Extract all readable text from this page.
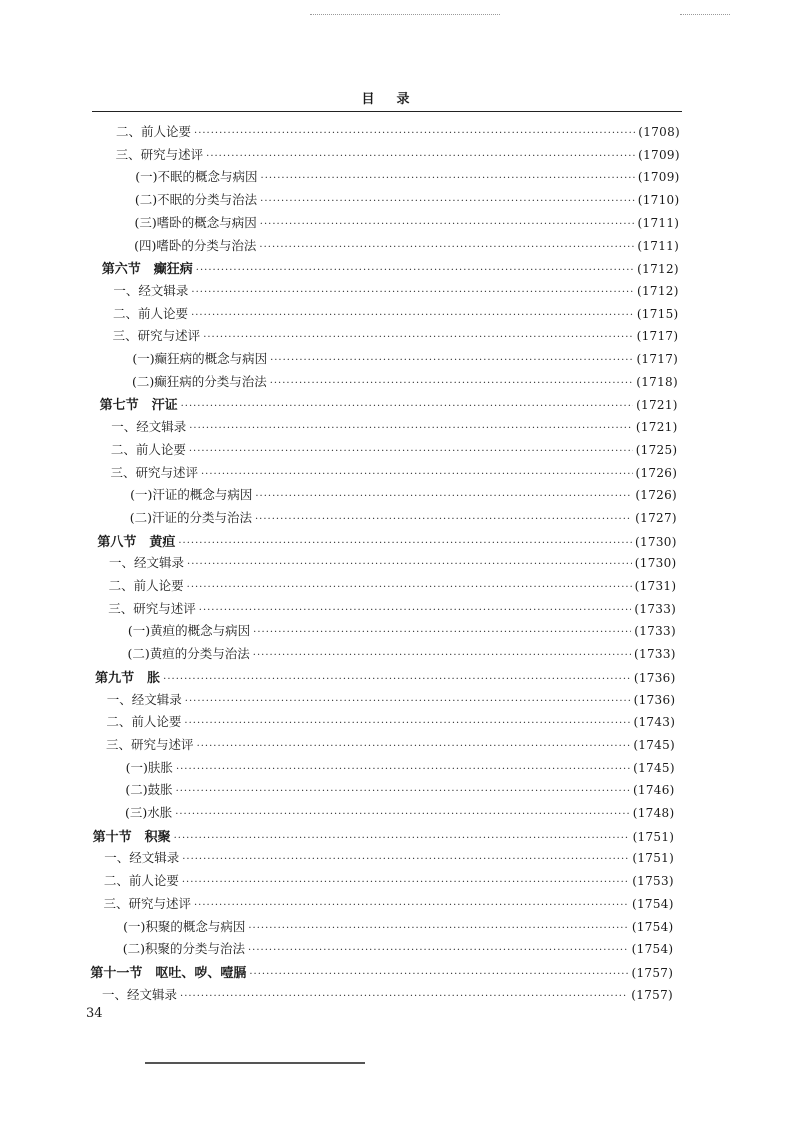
目录
二、前人论要 ·····	(1708)
三、研究与述评 ·····	(1709)
(一)不眠的概念与病因 ·····	(1709)
(二)不眠的分类与治法 ·····	(1710)
(三)嗜卧的概念与病因 ·····	(1711)
(四)嗜卧的分类与治法 ·····	(1711)
第六节　癫狂病 ·····	(1712)
一、经文辑录 ·····	(1712)
二、前人论要 ·····	(1715)
三、研究与述评 ·····	(1717)
(一)癫狂病的概念与病因 ·····	(1717)
(二)癫狂病的分类与治法 ·····	(1718)
第七节　汗证 ·····	(1721)
一、经文辑录 ·····	(1721)
二、前人论要 ·····	(1725)
三、研究与述评 ·····	(1726)
(一)汗证的概念与病因 ·····	(1726)
(二)汗证的分类与治法 ·····	(1727)
第八节　黄疸 ·····	(1730)
一、经文辑录 ·····	(1730)
二、前人论要 ·····	(1731)
三、研究与述评 ·····	(1733)
(一)黄疸的概念与病因 ·····	(1733)
(二)黄疸的分类与治法 ·····	(1733)
第九节　胀 ·····	(1736)
一、经文辑录 ·····	(1736)
二、前人论要 ·····	(1743)
三、研究与述评 ·····	(1745)
(一)肤胀 ·····	(1745)
(二)鼓胀 ·····	(1746)
(三)水胀 ·····	(1748)
第十节　积聚 ·····	(1751)
一、经文辑录 ·····	(1751)
二、前人论要 ·····	(1753)
三、研究与述评 ·····	(1754)
(一)积聚的概念与病因 ·····	(1754)
(二)积聚的分类与治法 ·····	(1754)
第十一节　呕吐、哕、噎膈 ·····	(1757)
一、经文辑录 ·····	(1757)
34
